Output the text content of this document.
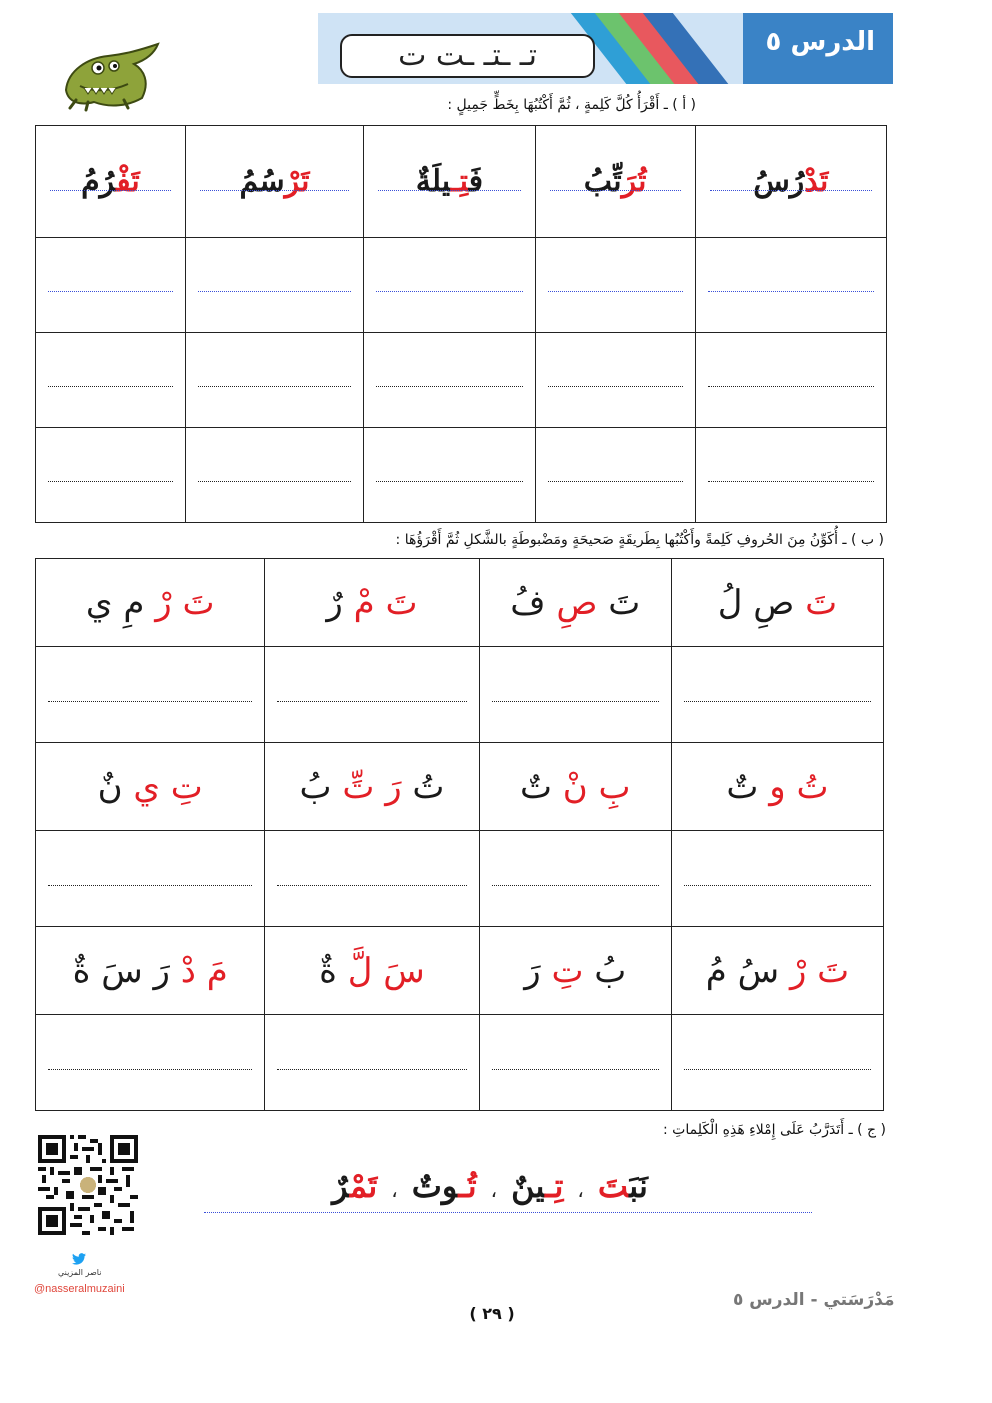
الدرس ٥
تـ ـتـ ـت ت
( أ ) ـ أَقْرَأُ كُلَّ كَلِمةٍ ، ثُمَّ أَكْتُبُهَا بِخَطٍّ جَمِيلٍ :
تَدْرُسُ	تُرَتِّبُ	فَتِـيلَةٌ	تَرْسُمُ	تَفْرُمُ

( ب ) ـ أُكَوِّنُ مِنَ الحُروفِ كَلِمةً وأَكْتُبُها بِطَريقَةٍ صَحيحَةٍ ومَضْبوطَةٍ بالشَّكلِ ثُمَّ أَقْرَؤُهَا :
تَ صِ لُ	تَ صِ فُ	تَ مْ رٌ	تَ رْ مِ ي

تُ و تٌ	بِ نْ تٌ	تُ رَ تِّ بُ	تِ ي نٌ

تَ رْ سُ مُ	بُ تِ رَ	سَ لَّ ةٌ	مَ دْ رَ سَ ةٌ

( ج ) ـ أَتَدَرَّبُ عَلَى إِمْلاءِ هَذِهِ الْكَلِماتِ :
نَبَتَ،تِـينٌ،تُـوتٌ،تَمْرٌ
ناصر المزيني
@nasseralmuzaini
مَدْرَسَتي - الدرس ٥
( ٢٩ )
